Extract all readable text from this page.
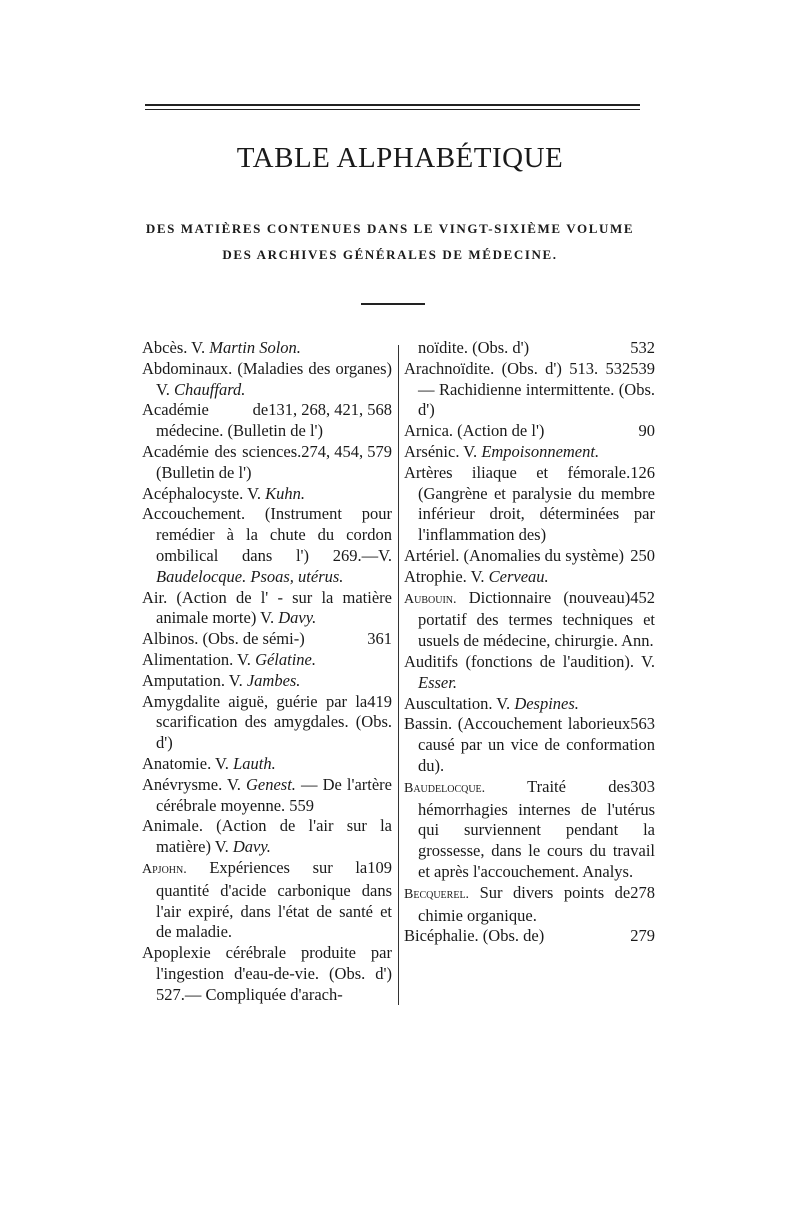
TABLE ALPHABÉTIQUE
DES MATIÈRES CONTENUES DANS LE VINGT-SIXIÈME VOLUME
DES ARCHIVES GÉNÉRALES DE MÉDECINE.

Abcès. V. Martin Solon.

Abdominaux. (Maladies des organes) V. Chauffard.

131, 268, 421, 568
Académie de médecine. (Bulletin de l')

274, 454, 579
Académie des sciences. (Bulletin de l')

Acéphalocyste. V. Kuhn.

Accouchement. (Instrument pour remédier à la chute du cordon ombilical dans l') 269.—V. Baudelocque. Psoas, utérus.

Air. (Action de l' - sur la matière animale morte) V. Davy.

361
Albinos. (Obs. de sémi-)

Alimentation. V. Gélatine.

Amputation. V. Jambes.

419
Amygdalite aiguë, guérie par la scarification des amygdales. (Obs. d')

Anatomie. V. Lauth.

Anévrysme. V. Genest. — De l'artère cérébrale moyenne. 559

Animale. (Action de l'air sur la matière) V. Davy.

109
Apjohn. Expériences sur la quantité d'acide carbonique dans l'air expiré, dans l'état de santé et de maladie.

Apoplexie cérébrale produite par l'ingestion d'eau-de-vie. (Obs. d') 527.— Compliquée d'arach-

532
noïdite. (Obs. d')

539
Arachnoïdite. (Obs. d') 513. 532 — Rachidienne intermittente. (Obs. d')

90
Arnica. (Action de l')

Arsénic. V. Empoisonnement.

126
Artères iliaque et fémorale. (Gangrène et paralysie du membre inférieur droit, déterminées par l'inflammation des)

250
Artériel. (Anomalies du système)

Atrophie. V. Cerveau.

452
Aubouin. Dictionnaire (nouveau) portatif des termes techniques et usuels de médecine, chirurgie. Ann.

Auditifs (fonctions de l'audition). V. Esser.

Auscultation. V. Despines.

563
Bassin. (Accouchement laborieux causé par un vice de conformation du).

303
Baudelocque. Traité des hémorrhagies internes de l'utérus qui surviennent pendant la grossesse, dans le cours du travail et après l'accouchement. Analys.

278
Becquerel. Sur divers points de chimie organique.

279
Bicéphalie. (Obs. de)
